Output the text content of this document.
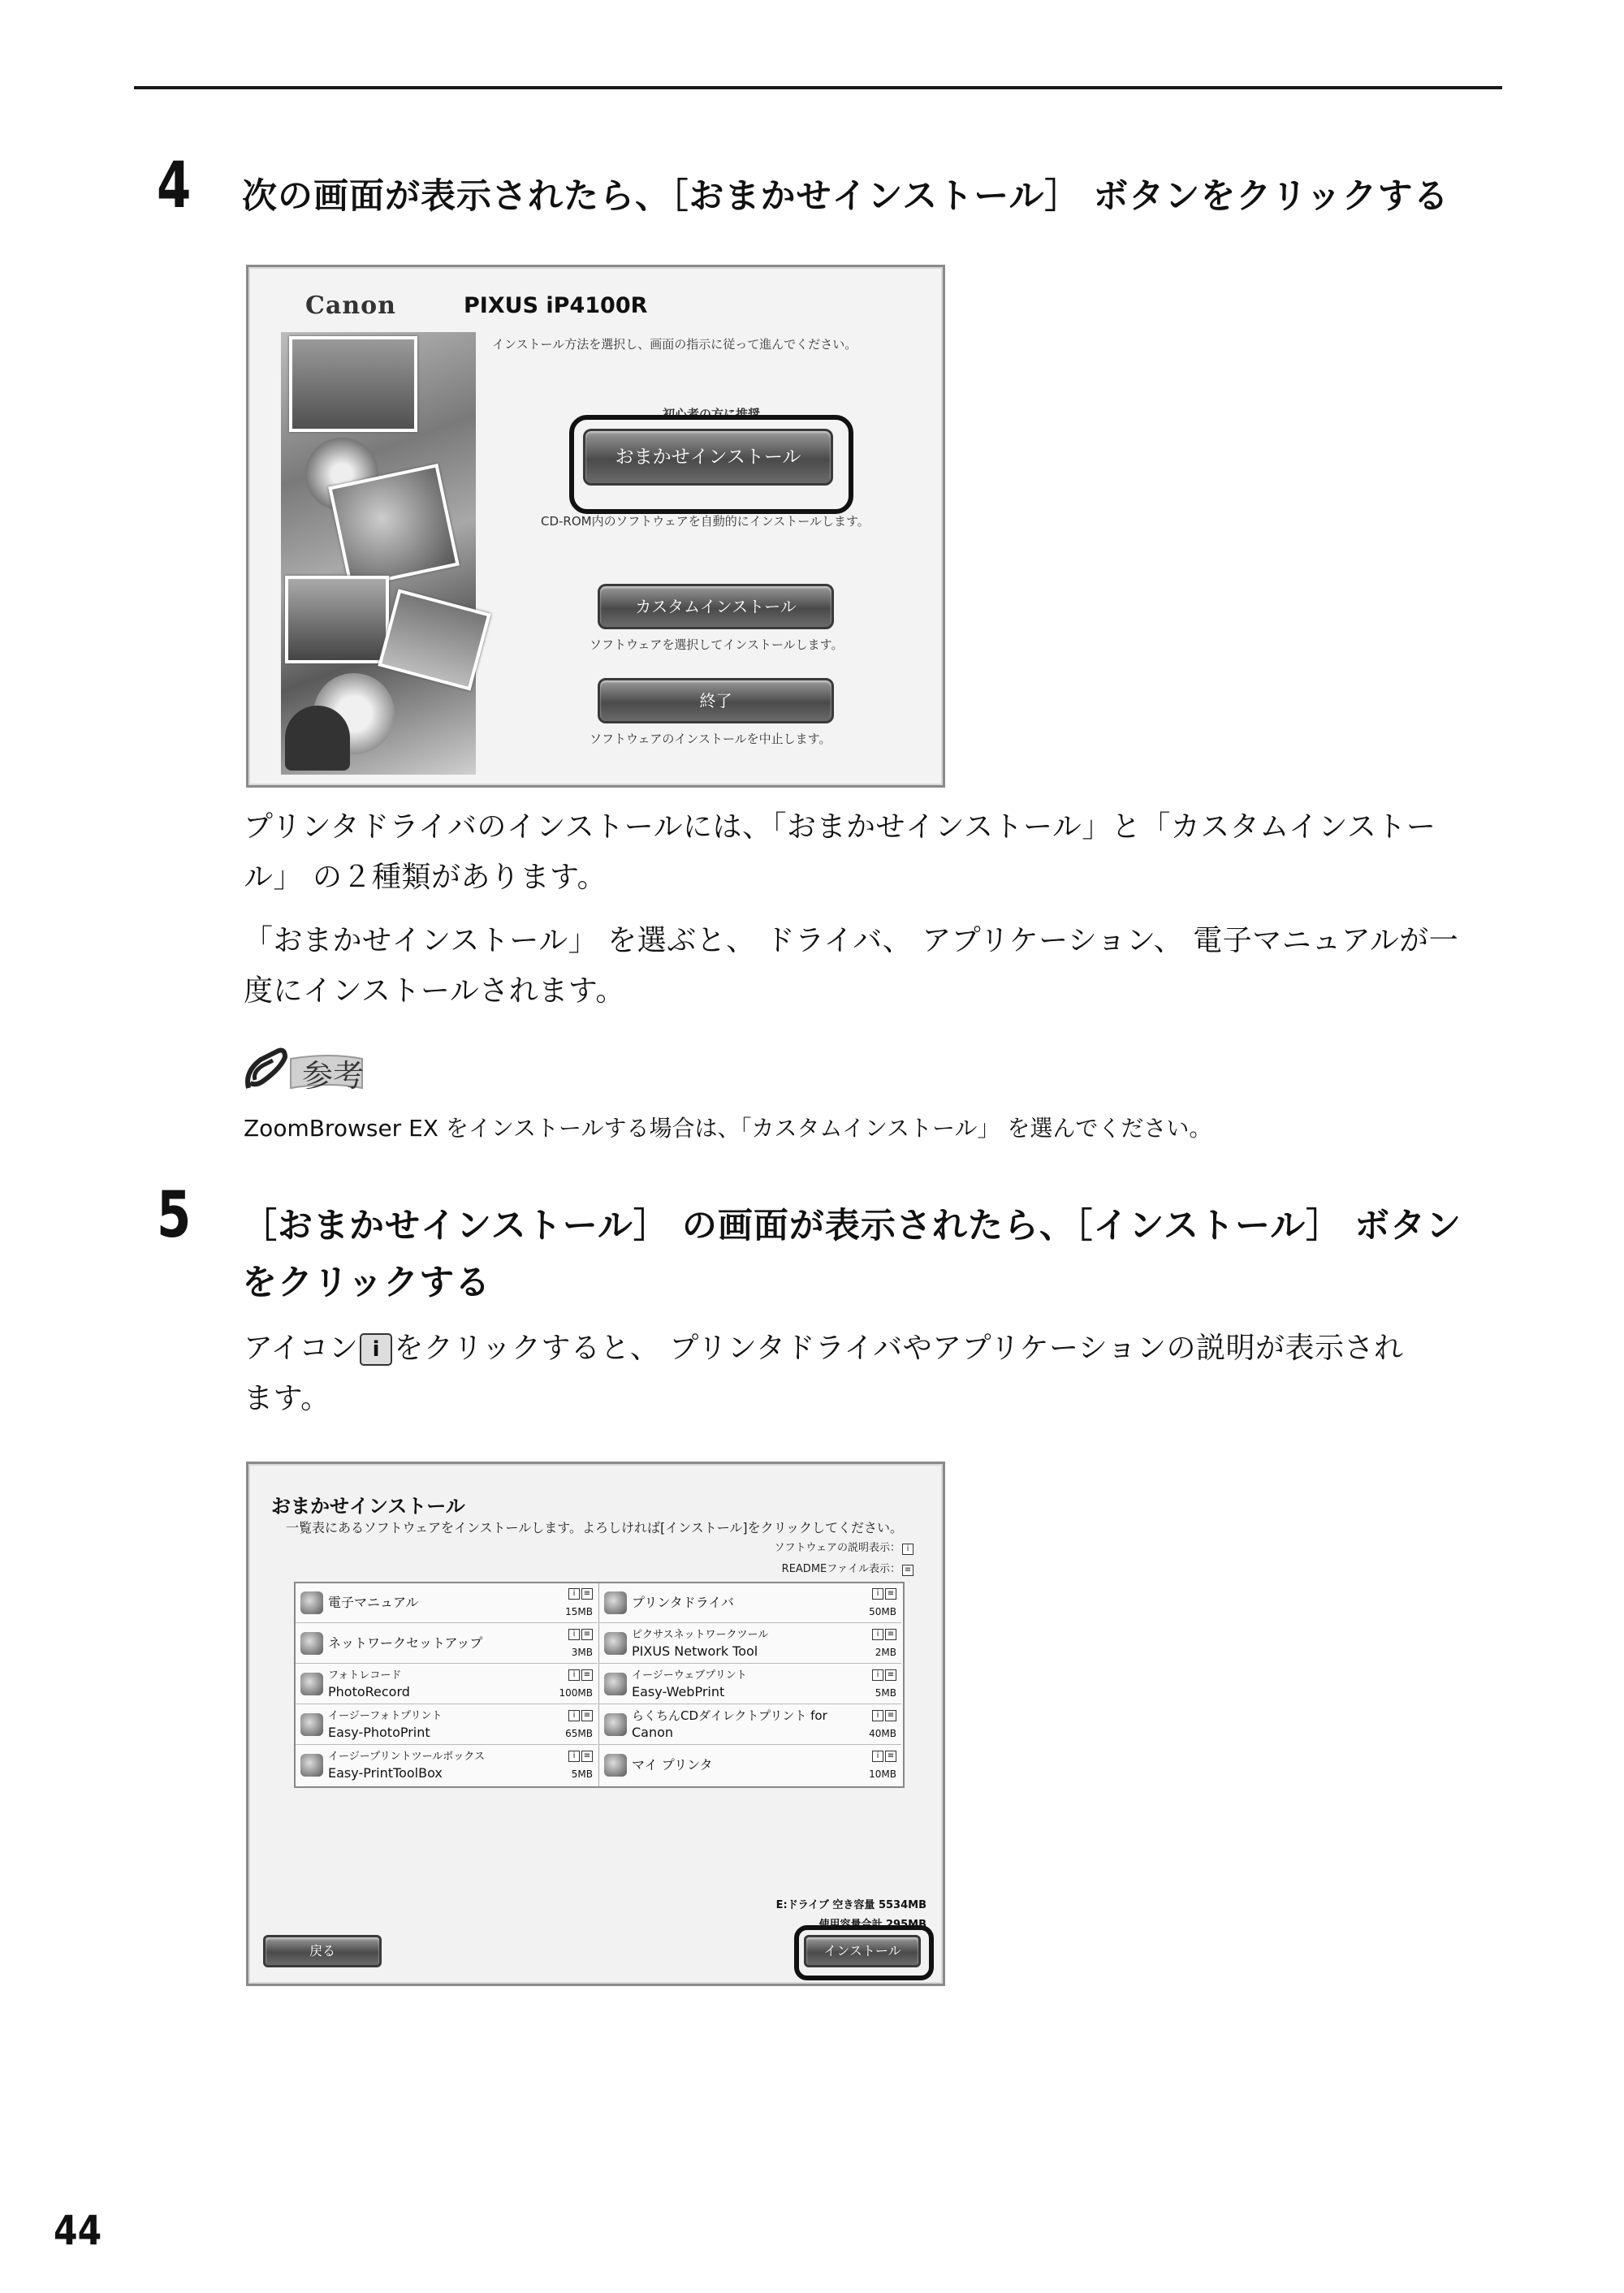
4 次の画面が表示されたら、［おまかせインストール］ ボタンをクリックする
Canon	PIXUS iP4100R
インストール方法を選択し、画面の指示に従って進んでください。
初心者の方に推奨
おまかせインストール
CD-ROM内のソフトウェアを自動的にインストールします。
カスタムインストール
ソフトウェアを選択してインストールします。
終了
ソフトウェアのインストールを中止します。
プリンタドライバのインストールには、「おまかせインストール」と「カスタムインストー
ル」 の２種類があります。
「おまかせインストール」 を選ぶと、 ドライバ、 アプリケーション、 電子マニュアルが一
度にインストールされます。
参考
ZoomBrowser EX をインストールする場合は、「カスタムインストール」 を選んでください。
5 ［おまかせインストール］ の画面が表示されたら、［インストール］ ボタン
をクリックする
アイコン i をクリックすると、 プリンタドライバやアプリケーションの説明が表示され
ます。
おまかせインストール
一覧表にあるソフトウェアをインストールします。よろしければ[インストール]をクリックしてください。
ソフトウェアの説明表示： i
READMEファイル表示： ≡
電子マニュアル
i ≡
15MB
プリンタドライバ
i ≡
50MB
ネットワークセットアップ
i ≡
3MB
ピクサスネットワークツール
PIXUS Network Tool
i ≡
2MB
フォトレコード
PhotoRecord
i ≡
100MB
イージーウェブプリント
Easy-WebPrint
i ≡
5MB
イージーフォトプリント
Easy-PhotoPrint
i ≡
65MB
らくちんCDダイレクトプリント for
Canon
i ≡
40MB
イージープリントツールボックス
Easy-PrintToolBox
i ≡
5MB
マイ プリンタ
i ≡
10MB
E:ドライブ 空き容量 5534MB
使用容量合計 295MB
戻る	インストール
44
